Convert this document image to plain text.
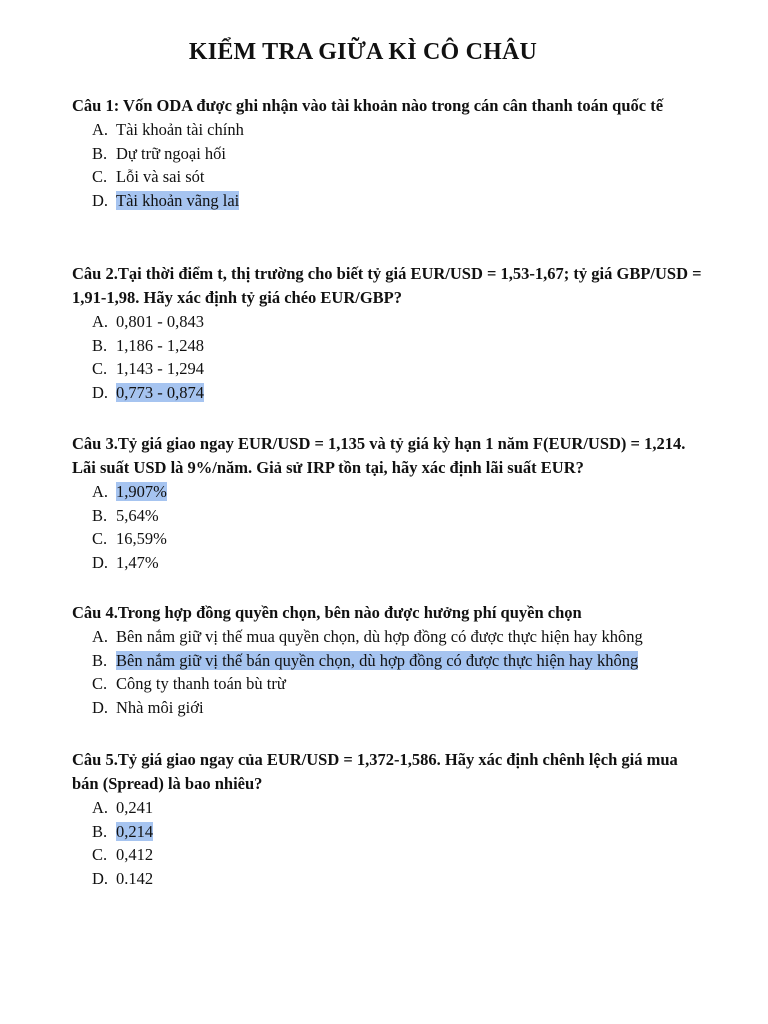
KIỂM TRA GIỮA KÌ CÔ CHÂU

Câu 1: Vốn ODA được ghi nhận vào tài khoản nào trong cán cân thanh toán quốc tế

A. Tài khoản tài chính
B. Dự trữ ngoại hối
C. Lỗi và sai sót
D. Tài khoản vãng lai

Câu 2.Tại thời điểm t, thị trường cho biết tỷ giá EUR/USD = 1,53-1,67; tỷ giá GBP/USD = 1,91-1,98. Hãy xác định tỷ giá chéo EUR/GBP?

A. 0,801 - 0,843
B. 1,186 - 1,248
C. 1,143 - 1,294
D. 0,773 - 0,874

Câu 3.Tỷ giá giao ngay EUR/USD = 1,135 và tỷ giá kỳ hạn 1 năm F(EUR/USD) = 1,214. Lãi suất USD là 9%/năm. Giả sử IRP tồn tại, hãy xác định lãi suất EUR?

A. 1,907%
B. 5,64%
C. 16,59%
D. 1,47%

Câu 4.Trong hợp đồng quyền chọn, bên nào được hưởng phí quyền chọn

A. Bên nắm giữ vị thế mua quyền chọn, dù hợp đồng có được thực hiện hay không
B. Bên nắm giữ vị thế bán quyền chọn, dù hợp đồng có được thực hiện hay không
C. Công ty thanh toán bù trừ
D. Nhà môi giới

Câu 5.Tỷ giá giao ngay của EUR/USD = 1,372-1,586. Hãy xác định chênh lệch giá mua bán (Spread) là bao nhiêu?

A. 0,241
B. 0,214
C. 0,412
D. 0.142
